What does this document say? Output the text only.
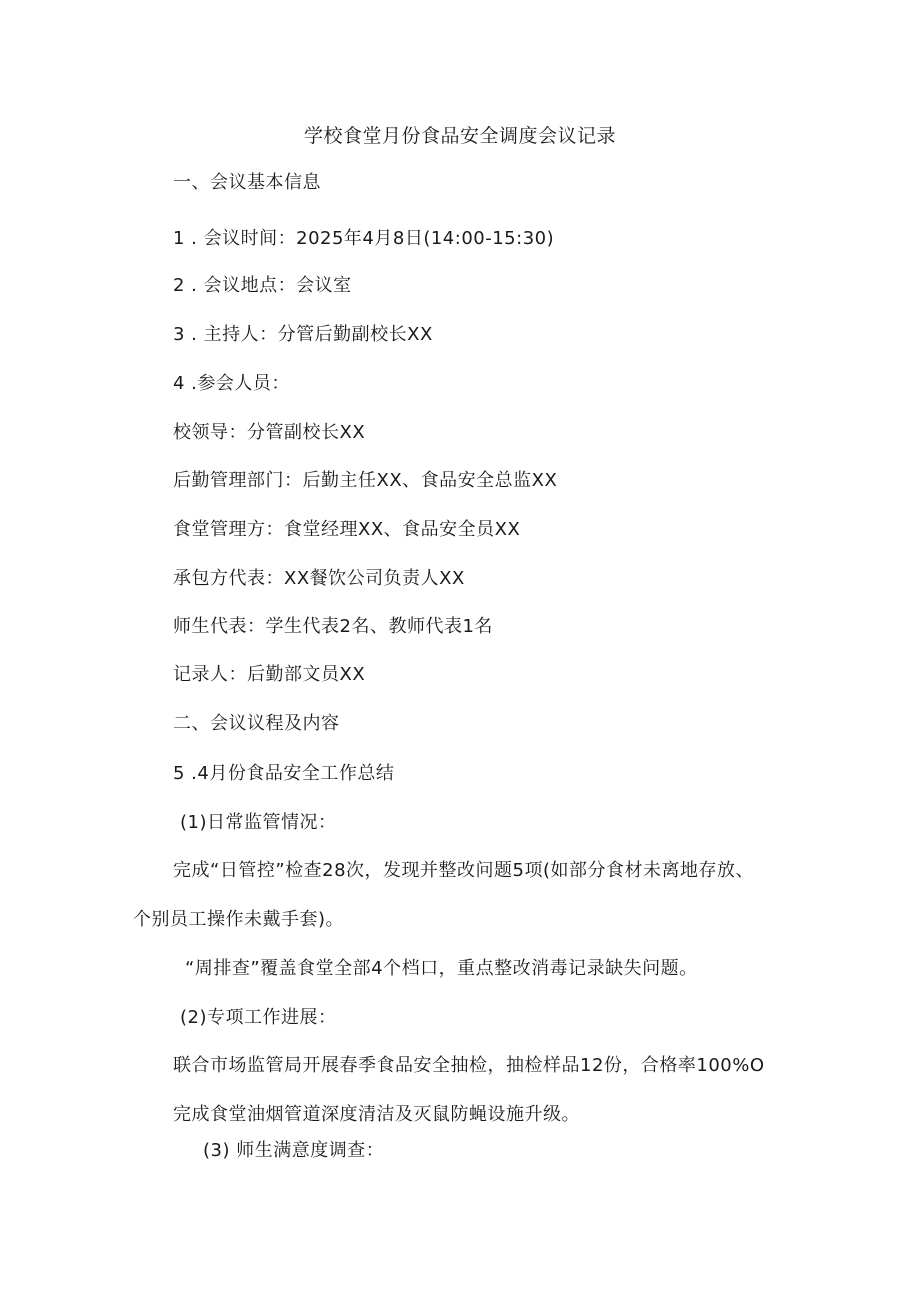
学校食堂月份食品安全调度会议记录
一、会议基本信息
1 . 会议时间：2025年4月8日(14:00-15:30)
2 . 会议地点：会议室
3 . 主持人：分管后勤副校长XX
4 .参会人员：
校领导：分管副校长XX
后勤管理部门：后勤主任XX、食品安全总监XX
食堂管理方：食堂经理XX、食品安全员XX
承包方代表：XX餐饮公司负责人XX
师生代表：学生代表2名、教师代表1名
记录人：后勤部文员XX
二、会议议程及内容
5 .4月份食品安全工作总结
(1)日常监管情况：
完成“日管控”检查28次，发现并整改问题5项(如部分食材未离地存放、
个别员工操作未戴手套)。
“周排查”覆盖食堂全部4个档口，重点整改消毒记录缺失问题。
(2)专项工作进展：
联合市场监管局开展春季食品安全抽检，抽检样品12份，合格率100%O
完成食堂油烟管道深度清洁及灭鼠防蝇设施升级。
(3) 师生满意度调查：
